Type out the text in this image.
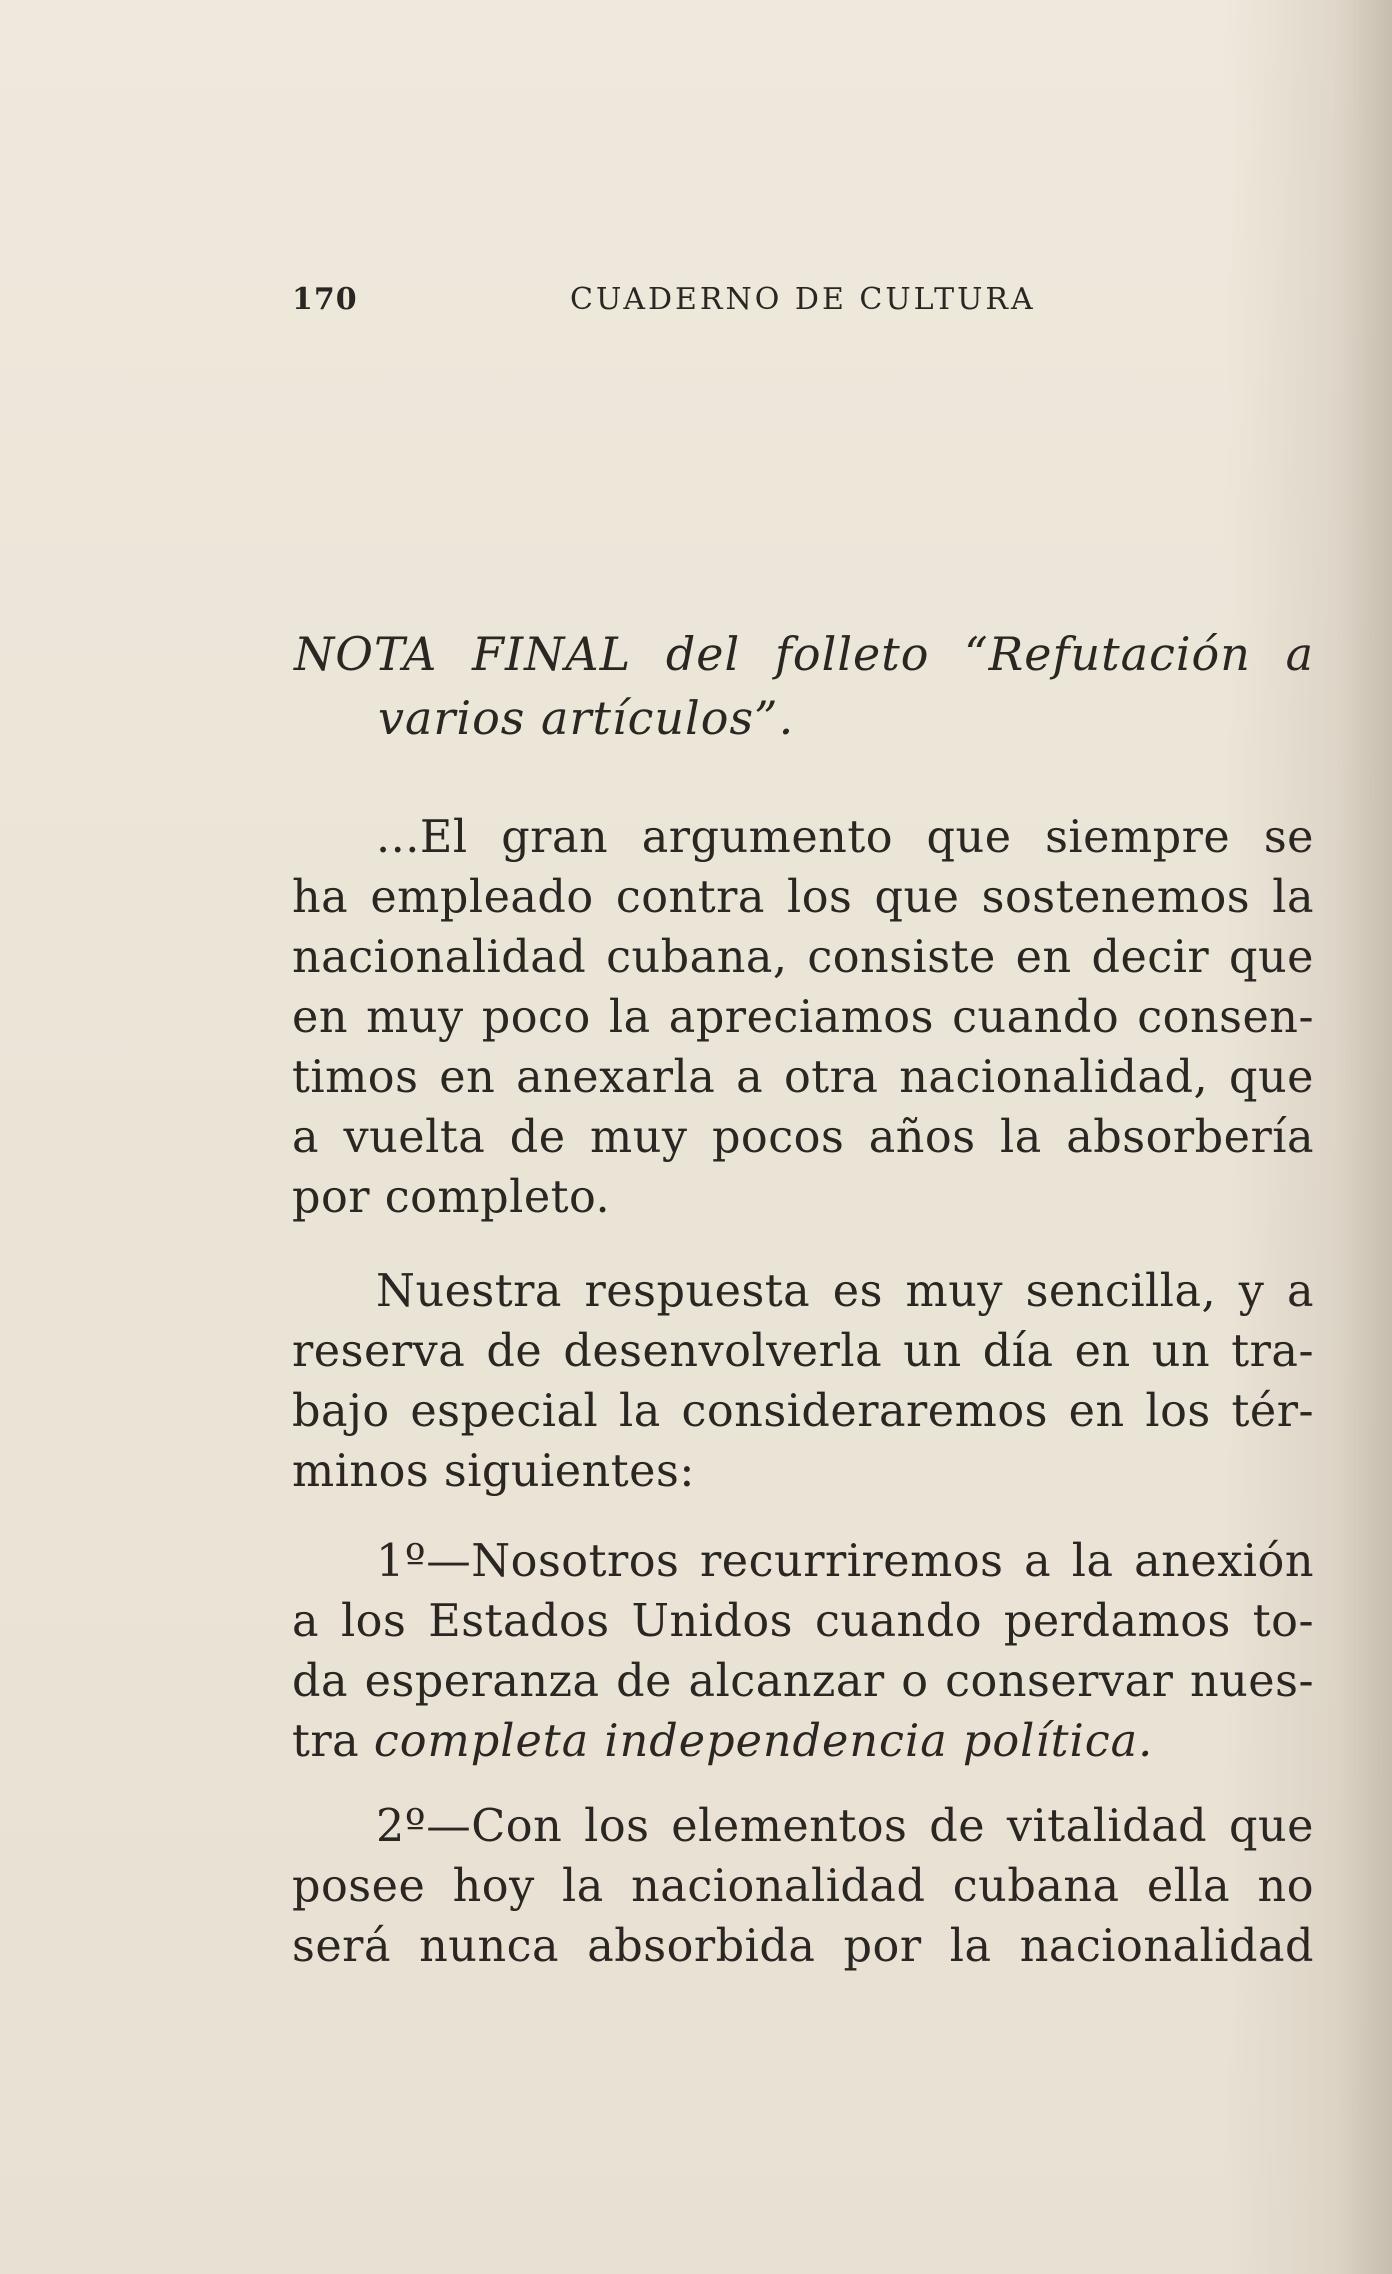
170	CUADERNO DE CULTURA
NOTA FINAL del folleto “Refutación a
varios artículos”.
...El gran argumento que siempre se
ha empleado contra los que sostenemos la
nacionalidad cubana, consiste en decir que
en muy poco la apreciamos cuando consen-
timos en anexarla a otra nacionalidad, que
a vuelta de muy pocos años la absorbería
por completo.
Nuestra respuesta es muy sencilla, y a
reserva de desenvolverla un día en un tra-
bajo especial la consideraremos en los tér-
minos siguientes:
1º—Nosotros recurriremos a la anexión
a los Estados Unidos cuando perdamos to-
da esperanza de alcanzar o conservar nues-
tra completa independencia política.
2º—Con los elementos de vitalidad que
posee hoy la nacionalidad cubana ella no
será nunca absorbida por la nacionalidad
